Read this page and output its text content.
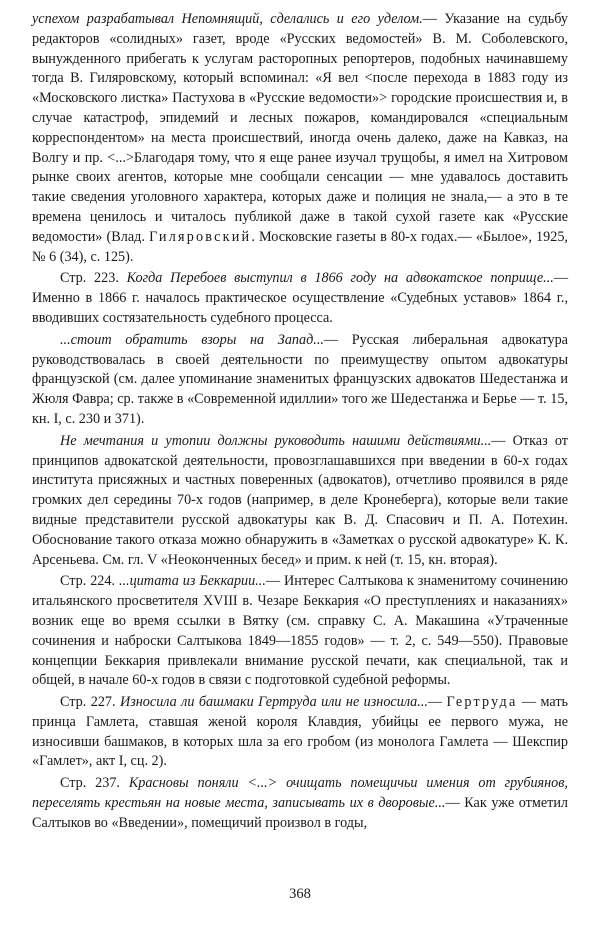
успехом разрабатывал Непомнящий, сделались и его уделом.— Указание на судьбу редакторов «солидных» газет, вроде «Русских ведомостей» В. М. Соболевского, вынужденного прибегать к услугам расторопных репортеров, подобных начинавшему тогда В. Гиляровскому, который вспоминал: «Я вел <после перехода в 1883 году из «Московского листка» Пастухова в «Русские ведомости»> городские происшествия и, в случае катастроф, эпидемий и лесных пожаров, командировался «специальным корреспондентом» на места происшествий, иногда очень далеко, даже на Кавказ, на Волгу и пр. <...>Благодаря тому, что я еще ранее изучал трущобы, я имел на Хитровом рынке своих агентов, которые мне сообщали сенсации — мне удавалось доставить такие сведения уголовного характера, которых даже и полиция не знала,— а это в те времена ценилось и читалось публикой даже в такой сухой газете как «Русские ведомости» (Влад. Гиляровский. Московские газеты в 80-х годах.— «Былое», 1925, № 6 (34), с. 125).

Стр. 223. Когда Перебоев выступил в 1866 году на адвокатское поприще...— Именно в 1866 г. началось практическое осуществление «Судебных уставов» 1864 г., вводивших состязательность судебного процесса.

...стоит обратить взоры на Запад...— Русская либеральная адвокатура руководствовалась в своей деятельности по преимуществу опытом адвокатуры французской (см. далее упоминание знаменитых французских адвокатов Шедестанжа и Жюля Фавра; ср. также в «Современной идиллии» того же Шедестанжа и Берье — т. 15, кн. I, с. 230 и 371).

Не мечтания и утопии должны руководить нашими действиями...— Отказ от принципов адвокатской деятельности, провозглашавшихся при введении в 60-х годах института присяжных и частных поверенных (адвокатов), отчетливо проявился в ряде громких дел середины 70-х годов (например, в деле Кронеберга), которые вели такие видные представители русской адвокатуры как В. Д. Спасович и П. А. Потехин. Обоснование такого отказа можно обнаружить в «Заметках о русской адвокатуре» К. К. Арсеньева. См. гл. V «Неоконченных бесед» и прим. к ней (т. 15, кн. вторая).

Стр. 224. ...цитата из Беккарии...— Интерес Салтыкова к знаменитому сочинению итальянского просветителя XVIII в. Чезаре Беккария «О преступлениях и наказаниях» возник еще во время ссылки в Вятку (см. справку С. А. Макашина «Утраченные сочинения и наброски Салтыкова 1849—1855 годов» — т. 2, с. 549—550). Правовые концепции Беккария привлекали внимание русской печати, как специальной, так и общей, в начале 60-х годов в связи с подготовкой судебной реформы.

Стр. 227. Износила ли башмаки Гертруда или не износила...— Гертруда — мать принца Гамлета, ставшая женой короля Клавдия, убийцы ее первого мужа, не износивши башмаков, в которых шла за его гробом (из монолога Гамлета — Шекспир «Гамлет», акт I, сц. 2).

Стр. 237. Красновы поняли <...> очищать помещичьи имения от грубиянов, переселять крестьян на новые места, записывать их в дворовые...— Как уже отметил Салтыков во «Введении», помещичий произвол в годы,

368
